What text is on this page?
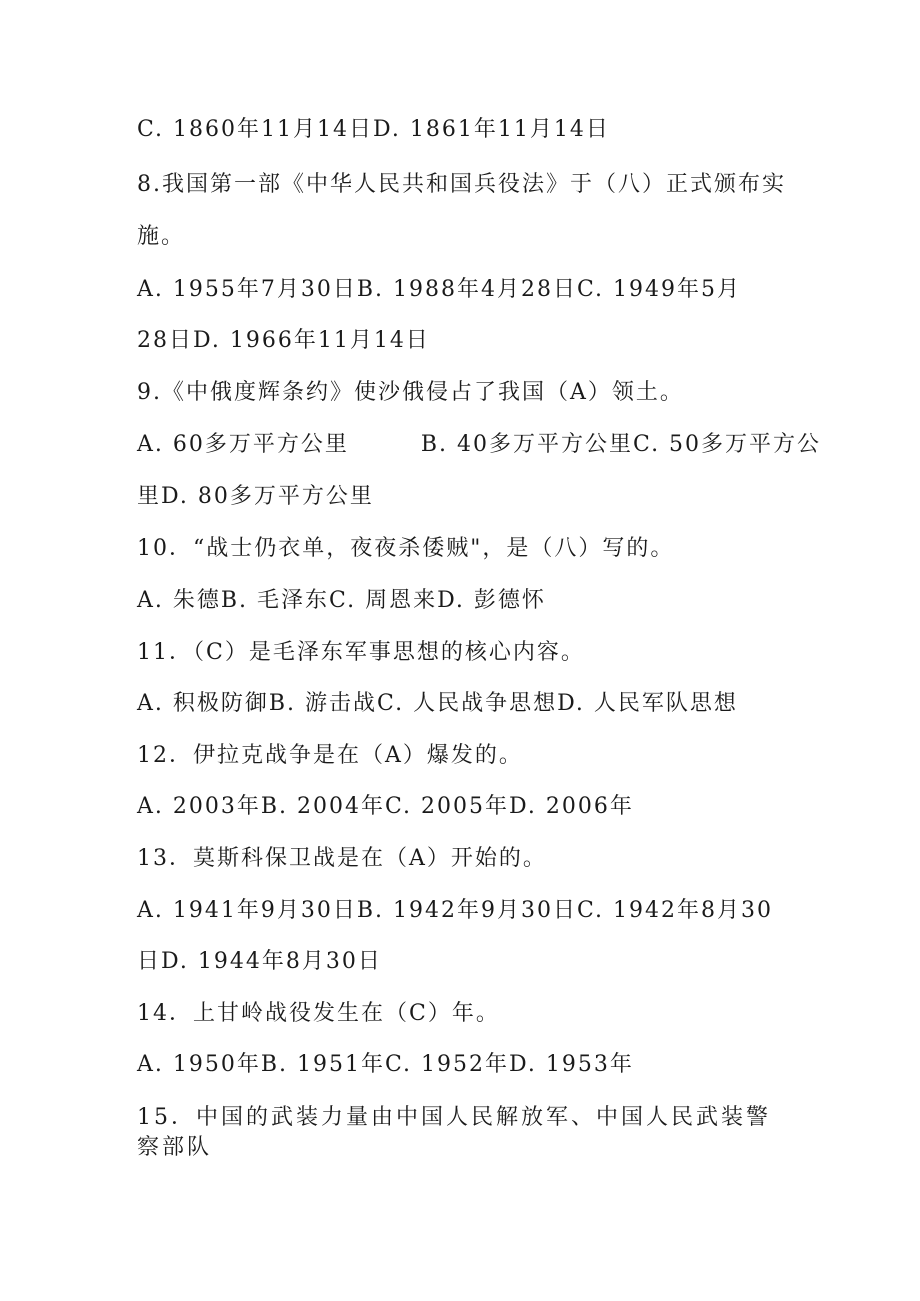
C. 1860年11月14日D. 1861年11月14日
8.我国第一部《中华人民共和国兵役法》于（八）正式颁布实
施。
A. 1955年7月30日B. 1988年4月28日C. 1949年5月
28日D. 1966年11月14日
9.《中俄度辉条约》使沙俄侵占了我国（A）领土。
A. 60多万平方公里　　　B. 40多万平方公里C. 50多万平方公
里D. 80多万平方公里
10．“战士仍衣单，夜夜杀倭贼"，是（八）写的。
A. 朱德B. 毛泽东C. 周恩来D. 彭德怀
11．（C）是毛泽东军事思想的核心内容。
A. 积极防御B. 游击战C. 人民战争思想D. 人民军队思想
12．伊拉克战争是在（A）爆发的。
A. 2003年B. 2004年C. 2005年D. 2006年
13．莫斯科保卫战是在（A）开始的。
A. 1941年9月30日B. 1942年9月30日C. 1942年8月30
日D. 1944年8月30日
14．上甘岭战役发生在（C）年。
A. 1950年B. 1951年C. 1952年D. 1953年
15．中国的武装力量由中国人民解放军、中国人民武装警察部队
